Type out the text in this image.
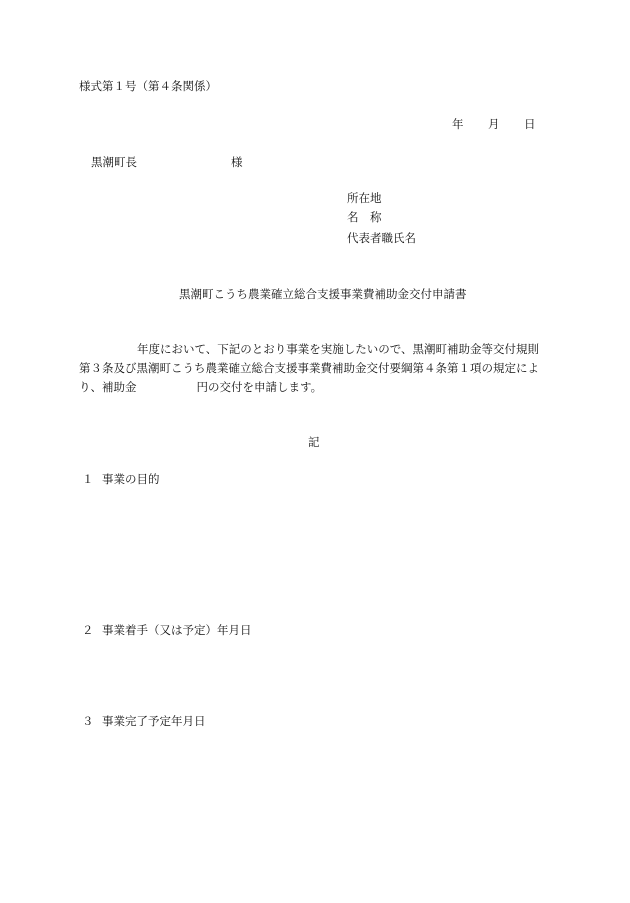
様式第１号（第４条関係）
年 月 日
黒潮町長	様
所在地
名　称
代表者職氏名
黒潮町こうち農業確立総合支援事業費補助金交付申請書
年度において、下記のとおり事業を実施したいので、黒潮町補助金等交付規則
第３条及び黒潮町こうち農業確立総合支援事業費補助金交付要綱第４条第１項の規定によ
り、補助金	円の交付を申請します。
記
１ 事業の目的
２ 事業着手（又は予定）年月日
３ 事業完了予定年月日
